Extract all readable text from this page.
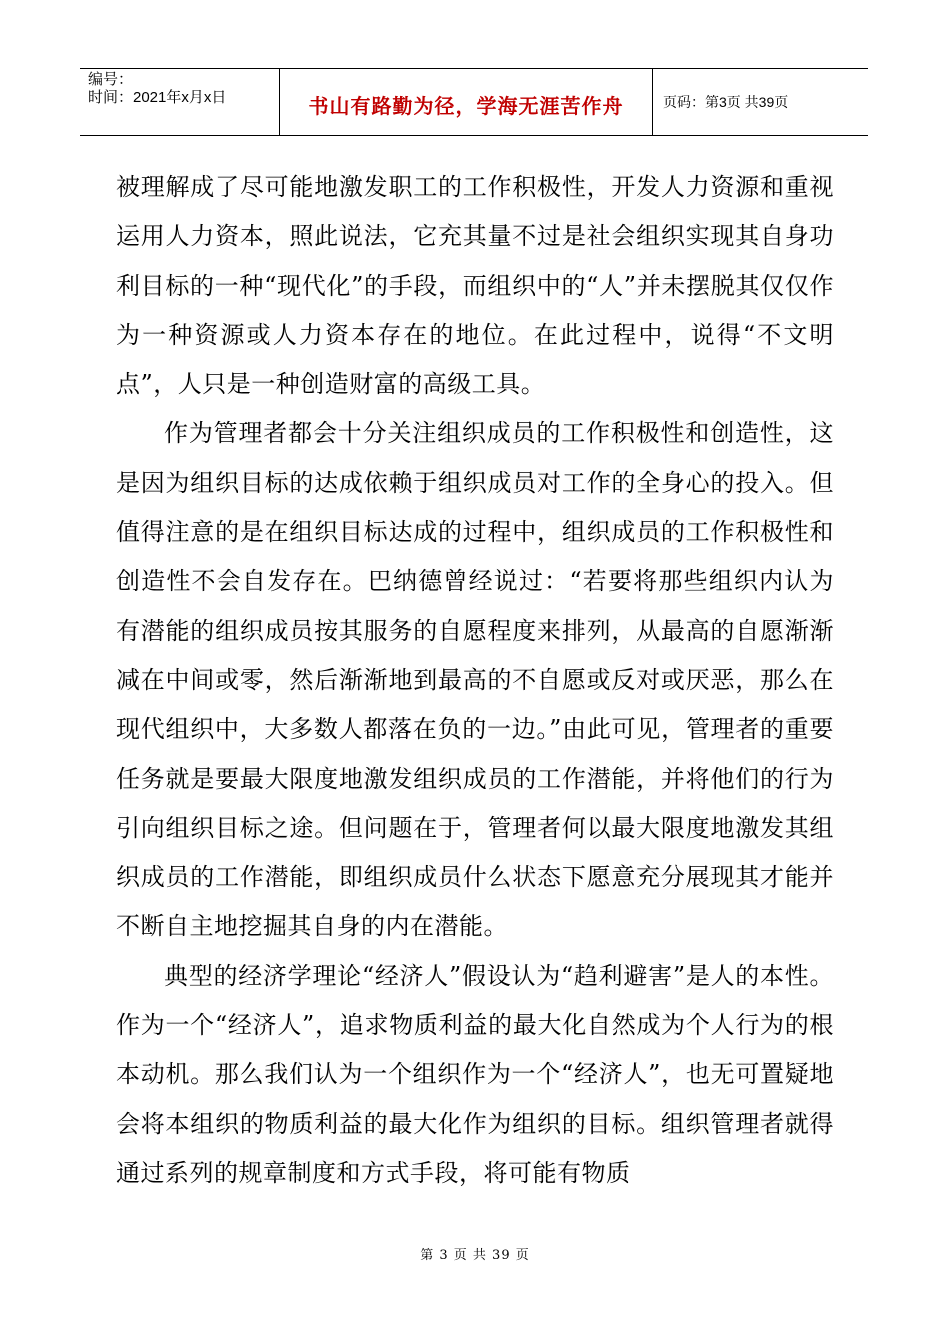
编号：
时间：2021年x月x日	书山有路勤为径，学海无涯苦作舟	页码：第3页 共39页

被理解成了尽可能地激发职工的工作积极性，开发人力资源和重视运用人力资本，照此说法，它充其量不过是社会组织实现其自身功利目标的一种“现代化”的手段，而组织中的“人”并未摆脱其仅仅作为一种资源或人力资本存在的地位。在此过程中，说得“不文明点”，人只是一种创造财富的高级工具。

作为管理者都会十分关注组织成员的工作积极性和创造性，这是因为组织目标的达成依赖于组织成员对工作的全身心的投入。但值得注意的是在组织目标达成的过程中，组织成员的工作积极性和创造性不会自发存在。巴纳德曾经说过：“若要将那些组织内认为有潜能的组织成员按其服务的自愿程度来排列，从最高的自愿渐渐减在中间或零，然后渐渐地到最高的不自愿或反对或厌恶，那么在现代组织中，大多数人都落在负的一边。”由此可见，管理者的重要任务就是要最大限度地激发组织成员的工作潜能，并将他们的行为引向组织目标之途。但问题在于，管理者何以最大限度地激发其组织成员的工作潜能，即组织成员什么状态下愿意充分展现其才能并不断自主地挖掘其自身的内在潜能。

典型的经济学理论“经济人”假设认为“趋利避害”是人的本性。作为一个“经济人”，追求物质利益的最大化自然成为个人行为的根本动机。那么我们认为一个组织作为一个“经济人”，也无可置疑地会将本组织的物质利益的最大化作为组织的目标。组织管理者就得通过系列的规章制度和方式手段，将可能有物质

第 3 页 共 39 页
